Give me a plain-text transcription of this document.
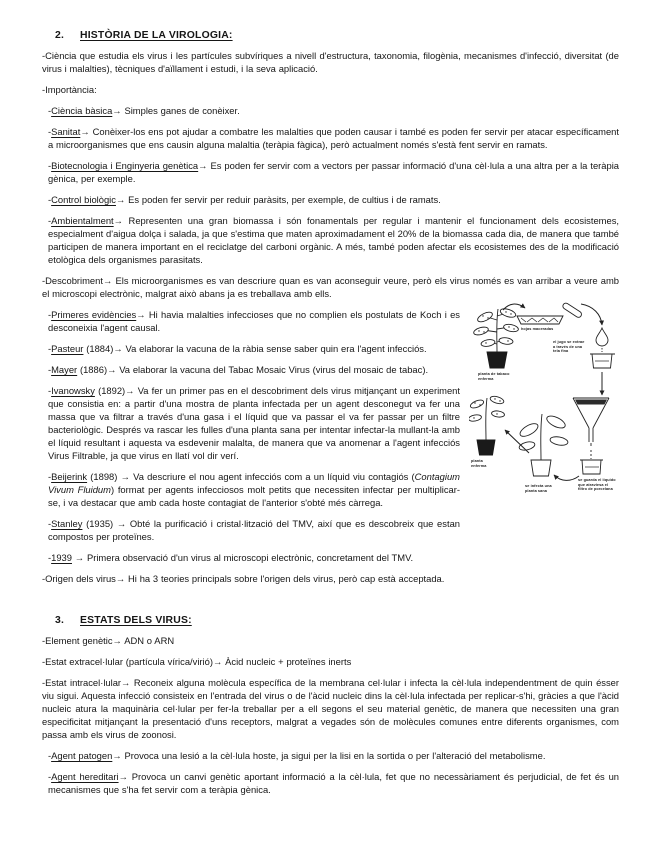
2. HISTÒRIA DE LA VIROLOGIA:

-Ciència que estudia els virus i les partícules subvíriques a nivell d'estructura, taxonomia, filogènia, mecanismes d'infecció, diversitat (de virus i malalties), tècniques d'aïllament i estudi, i la seva aplicació.

-Importància:

-Ciència bàsica→ Simples ganes de conèixer.

-Sanitat→ Conèixer-los ens pot ajudar a combatre les malalties que poden causar i també es poden fer servir per atacar específicament a microorganismes que ens causin alguna malaltia (teràpia fàgica), però actualment només s'està fent servir en ramats.

-Biotecnologia i Enginyeria genètica→ Es poden fer servir com a vectors per passar informació d'una cèl·lula a una altra per a la teràpia gènica, per exemple.

-Control biològic→ Es poden fer servir per reduir paràsits, per exemple, de cultius i de ramats.

-Ambientalment→ Representen una gran biomassa i són fonamentals per regular i mantenir el funcionament dels ecosistemes, especialment d'aigua dolça i salada, ja que s'estima que maten aproximadament el 20% de la biomassa cada dia, de manera que també participen de manera important en el reciclatge del carboni orgànic. A més, també poden afectar els ecosistemes des de la modificació etològica dels organismes parasitats.

-Descobriment→ Els microorganismes es van descriure quan es van aconseguir veure, però els virus només es van arribar a veure amb el microscopi electrònic, malgrat això abans ja es treballava amb ells.

planta de tabaco enferma
hojas maceradas
el jugo se extrae a través de una tela fina
se guarda el líquido que atraviesa el filtro de porcelana
se infecta una planta sana
planta enferma

-Primeres evidències→ Hi havia malalties infeccioses que no complien els postulats de Koch i es desconeixia l'agent causal.

-Pasteur (1884)→ Va elaborar la vacuna de la ràbia sense saber quin era l'agent infecciós.

-Mayer (1886)→ Va elaborar la vacuna del Tabac Mosaic Virus (virus del mosaic de tabac).

-Ivanowsky (1892)→ Va fer un primer pas en el descobriment dels virus mitjançant un experiment que consistia en: a partir d'una mostra de planta infectada per un agent desconegut va fer una massa que va filtrar a través d'una gasa i el líquid que va passar el va fer passar per un filtre bacteriològic. Després va rascar les fulles d'una planta sana per intentar infectar-la mullant-la amb el líquid resultant i aquesta va esdevenir malalta, de manera que va anomenar a l'agent infecciós Virus Filtrable, ja que virus en llatí vol dir verí.

-Beijerink (1898) → Va descriure el nou agent infecciós com a un líquid viu contagiós (Contagium Vivum Fluidum) format per agents infecciosos molt petits que necessiten infectar per multiplicar-se, i va destacar que amb cada hoste contagiat de l'anterior s'obté més càrrega.

-Stanley (1935) → Obté la purificació i cristal·lització del TMV, així que es descobreix que estan compostos per proteïnes.

-1939 → Primera observació d'un virus al microscopi electrònic, concretament del TMV.

-Origen dels virus→ Hi ha 3 teories principals sobre l'origen dels virus, però cap està acceptada.

3. ESTATS DELS VIRUS:

-Element genètic→ ADN o ARN

-Estat extracel·lular (partícula vírica/virió)→ Àcid nucleic + proteïnes inerts

-Estat intracel·lular→ Reconeix alguna molècula específica de la membrana cel·lular i infecta la cèl·lula independentment de quin ésser viu sigui. Aquesta infecció consisteix en l'entrada del virus o de l'àcid nucleic dins la cèl·lula infectada per replicar-s'hi, gràcies a que l'àcid nucleic atura la maquinària cel·lular per fer-la treballar per a ell segons el seu material genètic, de manera que necessiten una gran especificitat mitjançant la presentació d'uns receptors, malgrat a vegades són de molècules comunes entre diferents organismes, com passa amb els virus de zoonosi.

-Agent patogen→ Provoca una lesió a la cèl·lula hoste, ja sigui per la lisi en la sortida o per l'alteració del metabolisme.

-Agent hereditari→ Provoca un canvi genètic aportant informació a la cèl·lula, fet que no necessàriament és perjudicial, de fet és un mecanismes que s'ha fet servir com a teràpia gènica.
